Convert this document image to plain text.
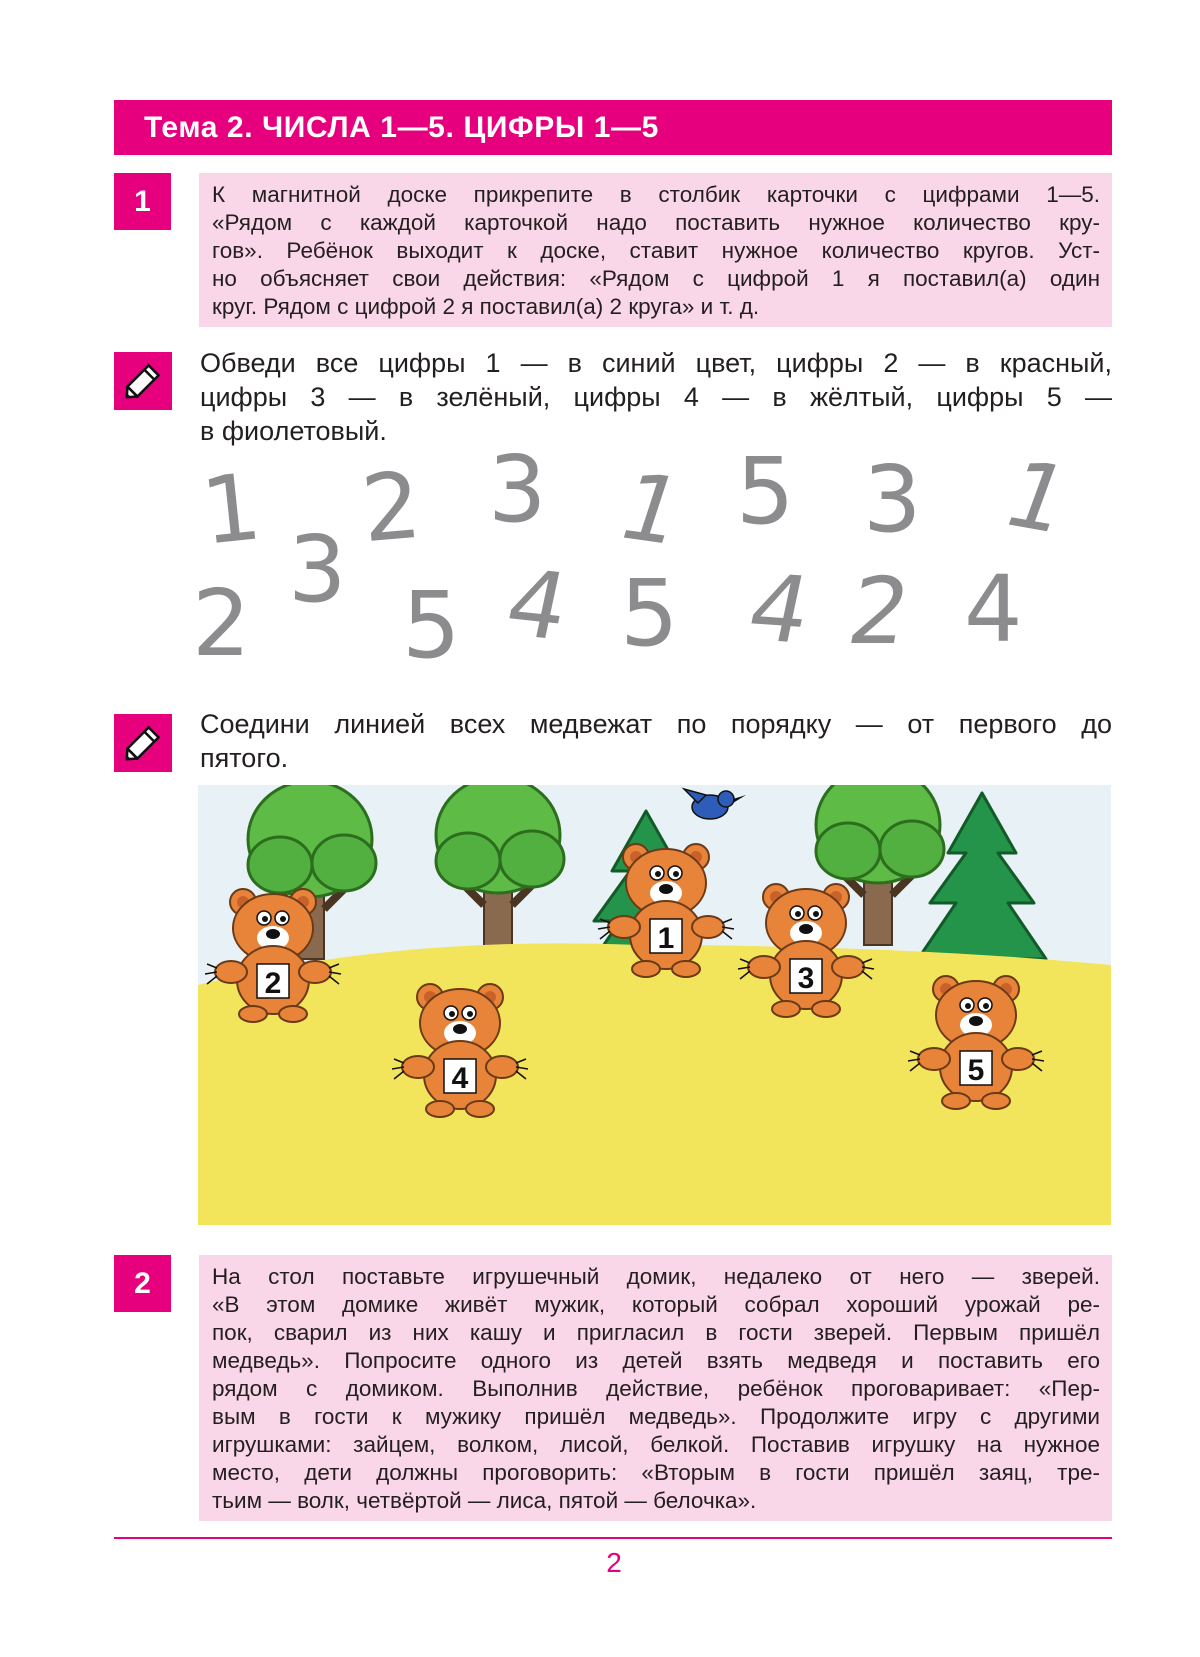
Тема 2. ЧИСЛА 1—5. ЦИФРЫ 1—5
1	К магнитной доске прикрепите в столбик карточки с цифрами 1—5.
«Рядом с каждой карточкой надо поставить нужное количество кру-
гов». Ребёнок выходит к доске, ставит нужное количество кругов. Уст-
но объясняет свои действия: «Рядом с цифрой 1 я поставил(а) один
круг. Рядом с цифрой 2 я поставил(а) 2 круга» и т. д.
Обведи все цифры 1 — в синий цвет, цифры 2 — в красный,
цифры 3 — в зелёный, цифры 4 — в жёлтый, цифры 5 —
в фиолетовый.
1 2 3 1 5 3 1
2
3
5 4 5 4 2 4
Соедини линией всех медвежат по порядку — от первого до
пятого.
1
2	3
4	5
2	На стол поставьте игрушечный домик, недалеко от него — зверей.
«В этом домике живёт мужик, который собрал хороший урожай ре-
пок, сварил из них кашу и пригласил в гости зверей. Первым пришёл
медведь». Попросите одного из детей взять медведя и поставить его
рядом с домиком. Выполнив действие, ребёнок проговаривает: «Пер-
вым в гости к мужику пришёл медведь». Продолжите игру с другими
игрушками: зайцем, волком, лисой, белкой. Поставив игрушку на нужное
место, дети должны проговорить: «Вторым в гости пришёл заяц, тре-
тьим — волк, четвёртой — лиса, пятой — белочка».
2
